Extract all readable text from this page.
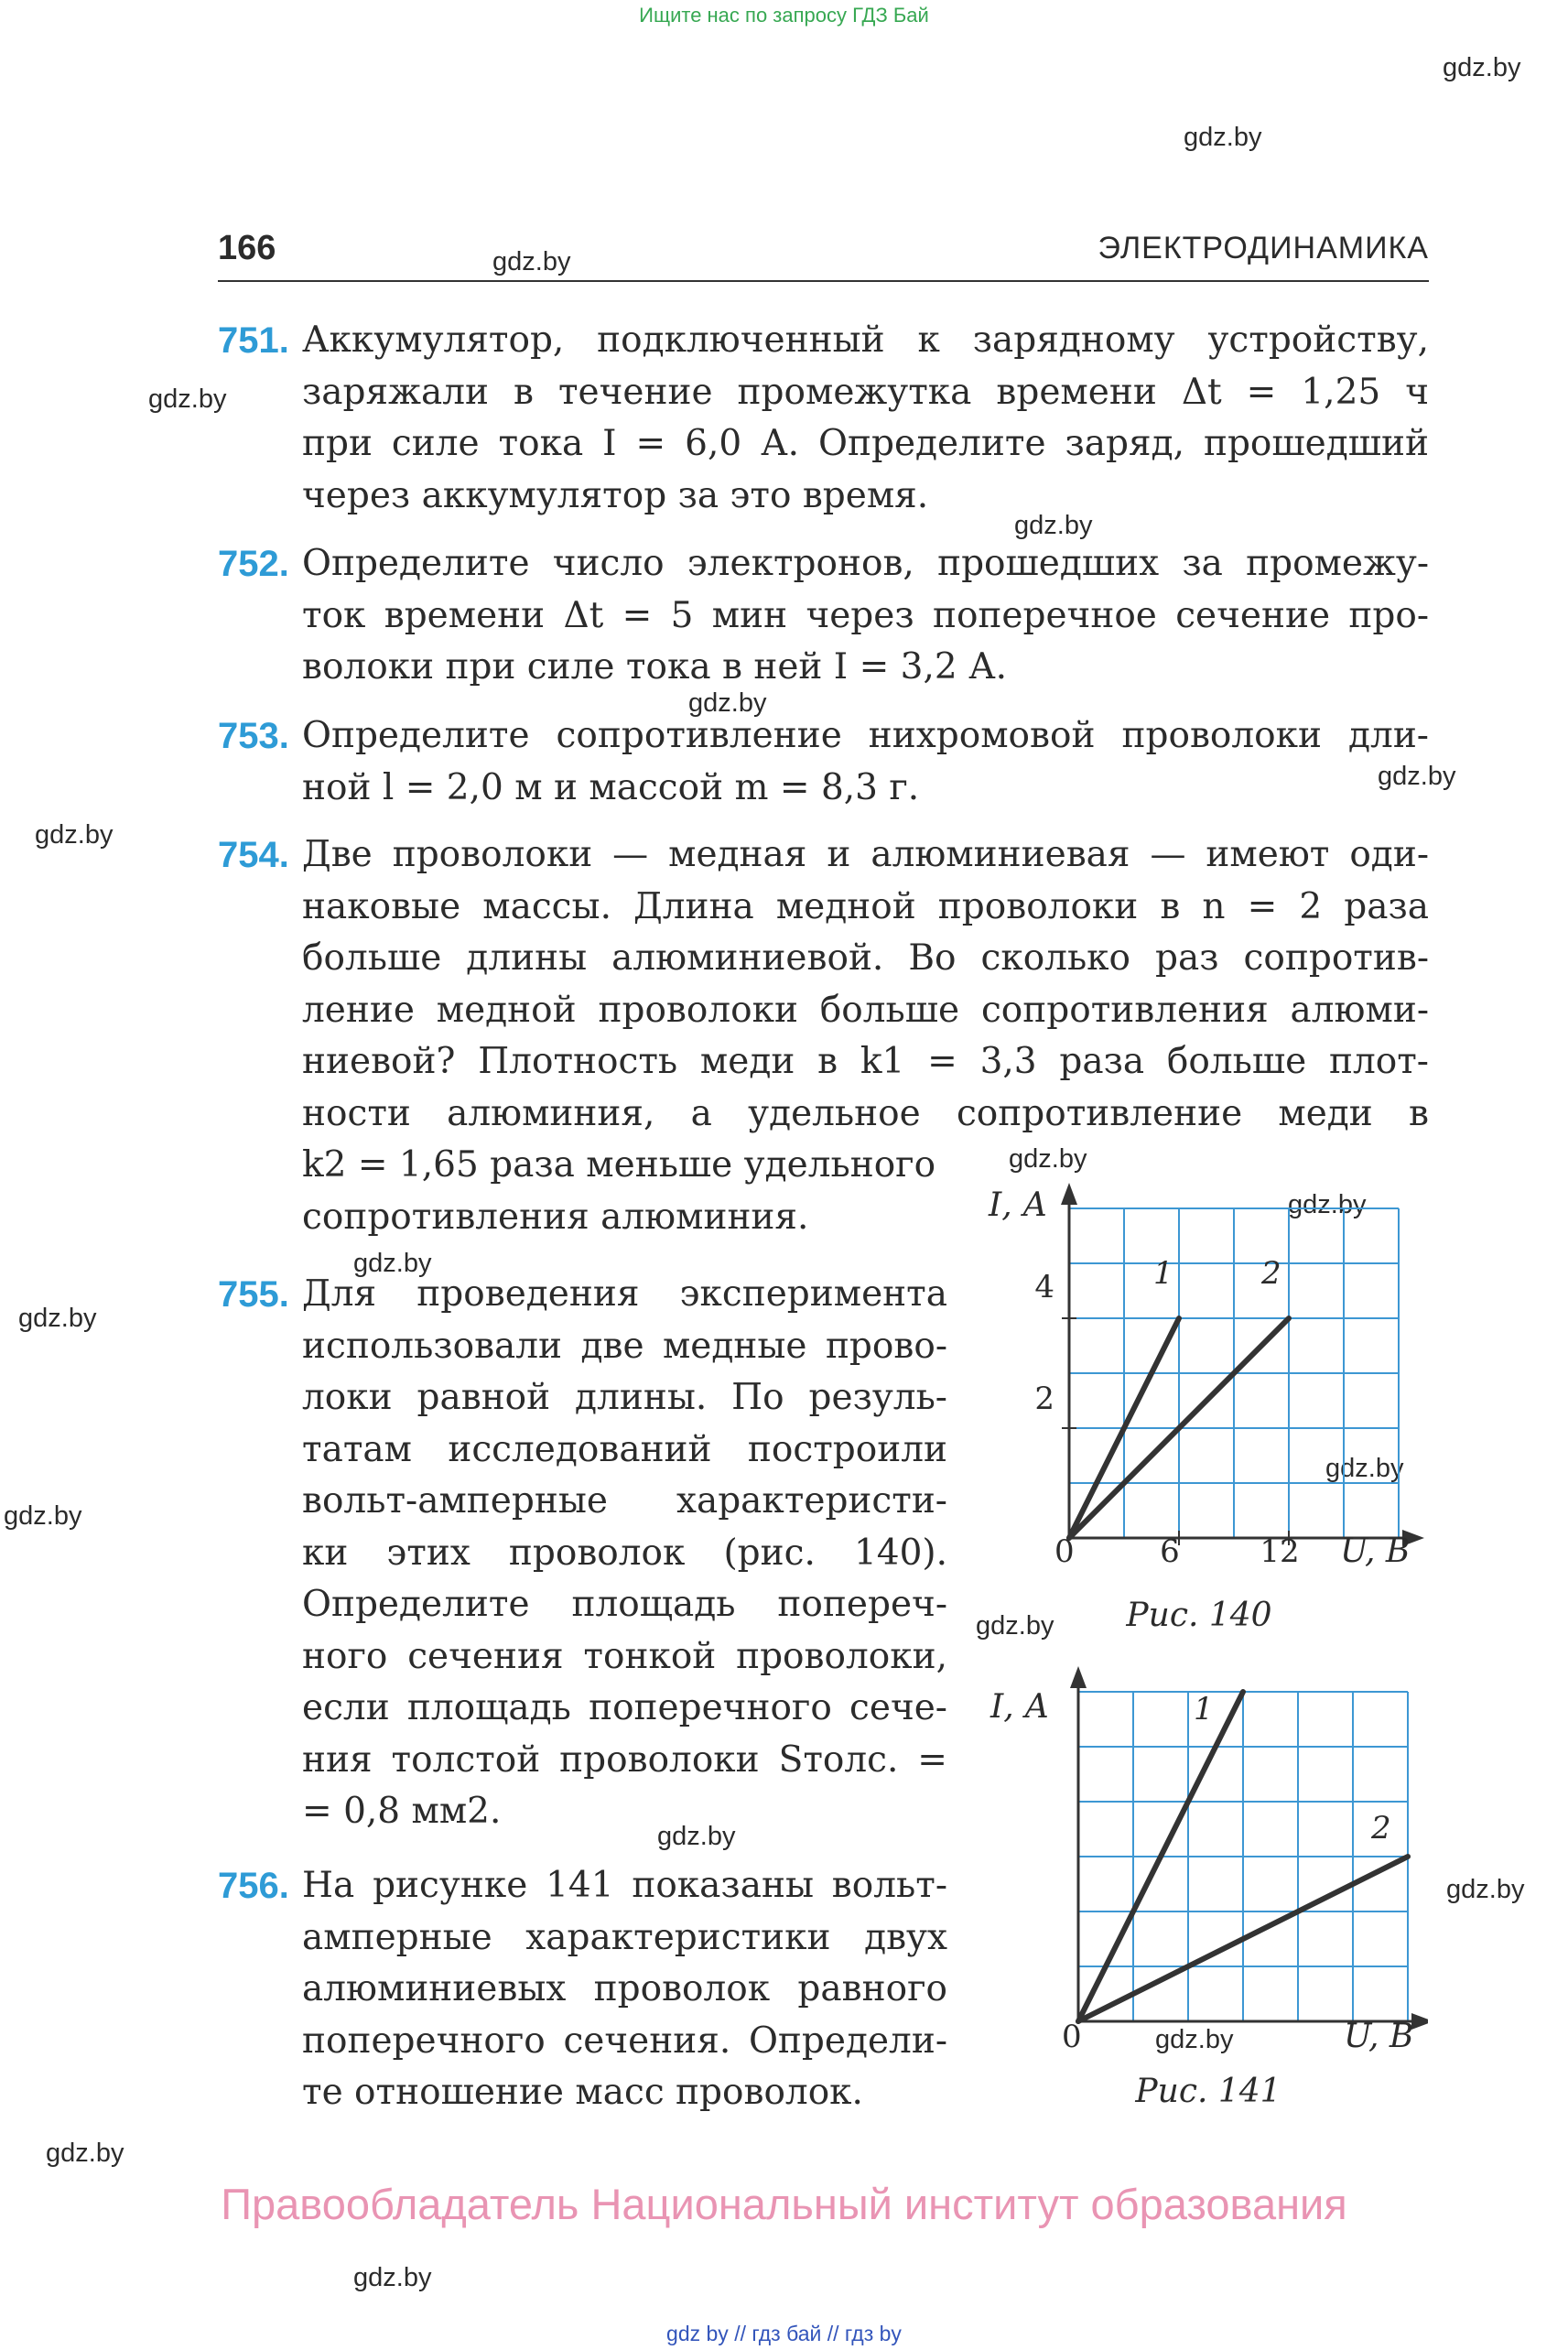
Ищите нас по запросу ГДЗ Бай
gdz.by
gdz.by
gdz.by
gdz.by
gdz.by
gdz.by
gdz.by
gdz.by
gdz.by
gdz.by
gdz.by
gdz.by
gdz.by
gdz.by
gdz.by
gdz.by
gdz.by
gdz.by
gdz.by
gdz.by
166	ЭЛЕКТРОДИНАМИКА
751. Аккумулятор, подключенный к зарядному устройству,
заряжали в течение промежутка времени Δt = 1,25 ч
при силе тока I = 6,0 А. Определите заряд, прошедший
через аккумулятор за это время.
752. Определите число электронов, прошедших за промежу-
ток времени Δt = 5 мин через поперечное сечение про-
волоки при силе тока в ней I = 3,2 А.
753. Определите сопротивление нихромовой проволоки дли-
ной l = 2,0 м и массой m = 8,3 г.
754. Две проволоки — медная и алюминиевая — имеют оди-
наковые массы. Длина медной проволоки в n = 2 раза
больше длины алюминиевой. Во сколько раз сопротив-
ление медной проволоки больше сопротивления алюми-
ниевой? Плотность меди в k1 = 3,3 раза больше плот-
ности алюминия, а удельное сопротивление меди в
k2 = 1,65 раза меньше удельного
сопротивления алюминия.
755. Для проведения эксперимента
использовали две медные прово-
локи равной длины. По резуль-
татам исследований построили
вольт-амперные характеристи-
ки этих проволок (рис. 140).
Определите площадь попереч-
ного сечения тонкой проволоки,
если площадь поперечного сече-
ния толстой проволоки Sтолс. =
= 0,8 мм2.
756. На рисунке 141 показаны вольт-
амперные характеристики двух
алюминиевых проволок равного
поперечного сечения. Определи-
те отношение масс проволок.
I, А
U, В
0	6	12
2
4	1	2
Рис. 140
I, А
U, В
0
1
2
Рис. 141
Правообладатель Национальный институт образования
gdz by // гдз бай // гдз by
